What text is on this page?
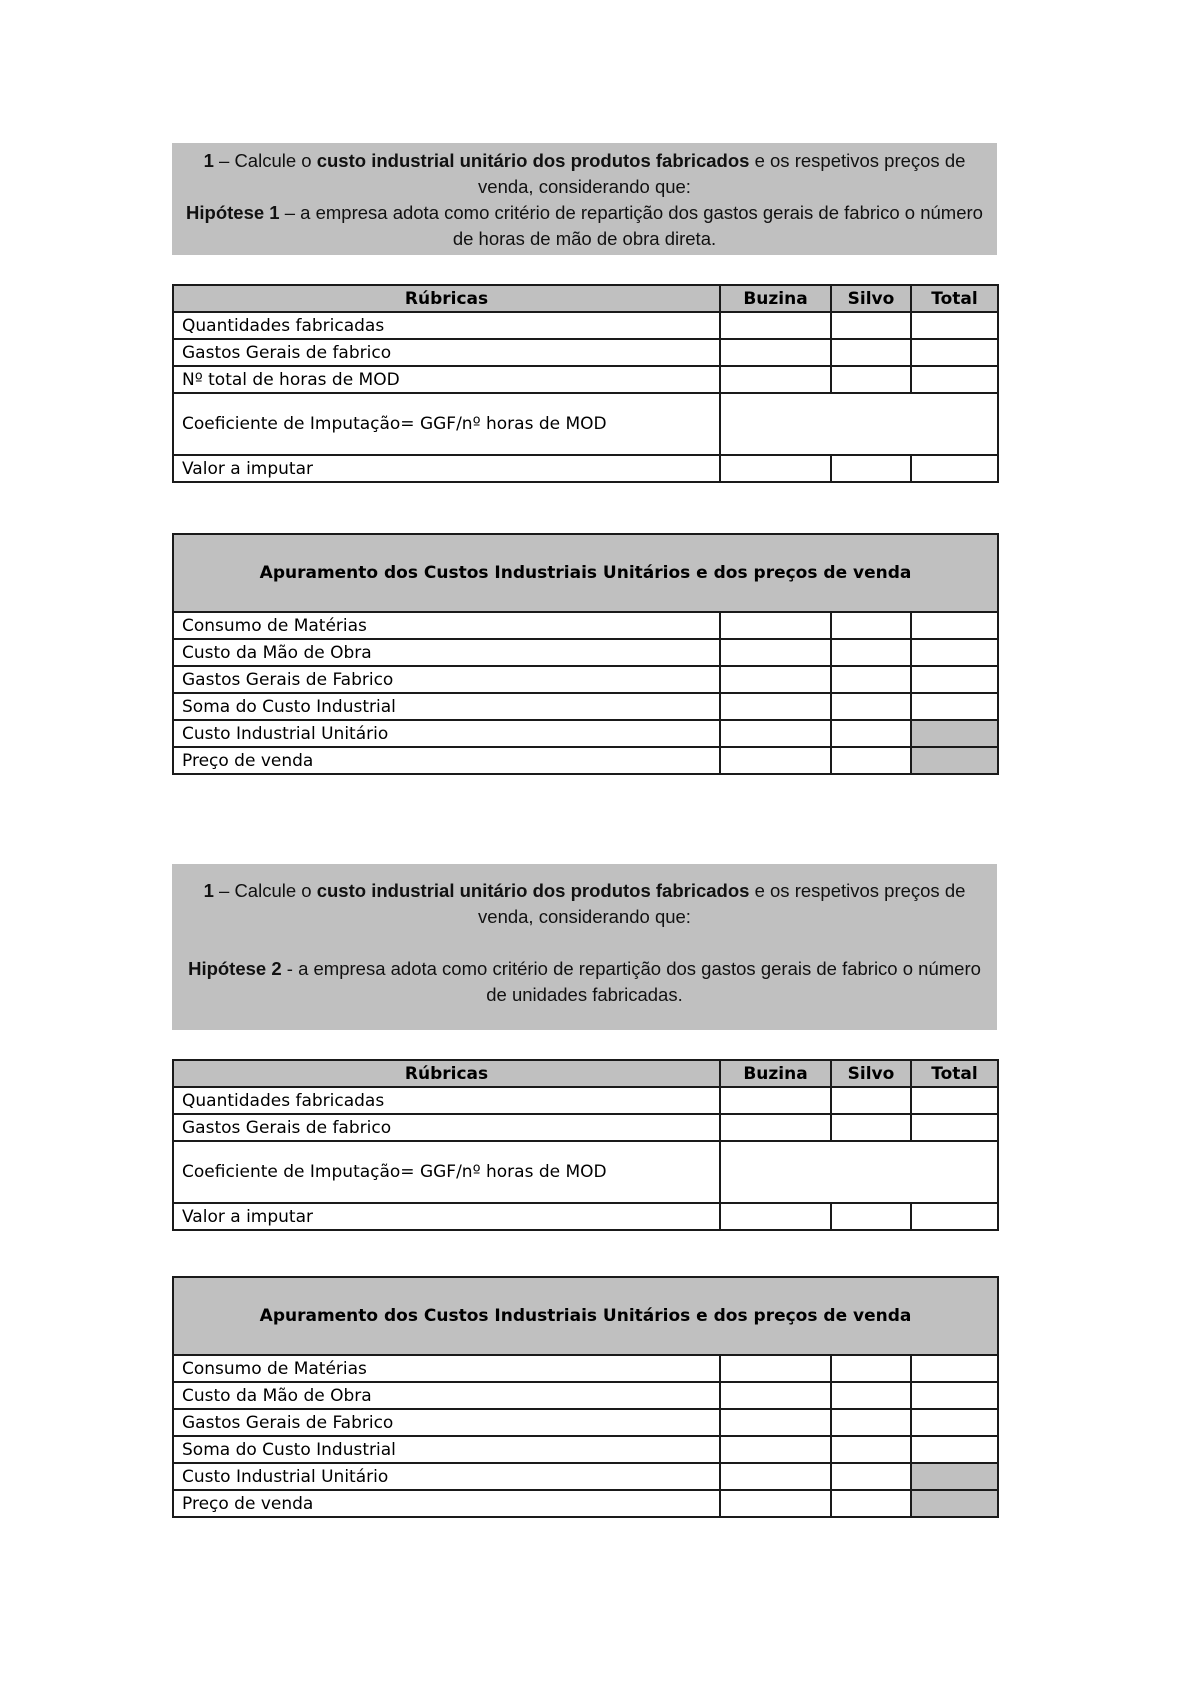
1 – Calcule o custo industrial unitário dos produtos fabricados e os respetivos preços de venda, considerando que:

Hipótese 1 – a empresa adota como critério de repartição dos gastos gerais de fabrico o número de horas de mão de obra direta.

Rúbricas	Buzina	Silvo	Total
Quantidades fabricadas			
Gastos Gerais de fabrico			
Nº total de horas de MOD			
Coeficiente de Imputação= GGF/nº horas de MOD			
Valor a imputar			
Apuramento dos Custos Industriais Unitários e dos preços de venda			
Consumo de Matérias			
Custo da Mão de Obra			
Gastos Gerais de Fabrico			
Soma do Custo Industrial			
Custo Industrial Unitário			
Preço de venda			

1 – Calcule o custo industrial unitário dos produtos fabricados e os respetivos preços de venda, considerando que:

Hipótese 2 - a empresa adota como critério de repartição dos gastos gerais de fabrico o número de unidades fabricadas.

Rúbricas	Buzina	Silvo	Total
Quantidades fabricadas			
Gastos Gerais de fabrico			
Coeficiente de Imputação= GGF/nº horas de MOD			
Valor a imputar			
Apuramento dos Custos Industriais Unitários e dos preços de venda			
Consumo de Matérias			
Custo da Mão de Obra			
Gastos Gerais de Fabrico			
Soma do Custo Industrial			
Custo Industrial Unitário			
Preço de venda			
